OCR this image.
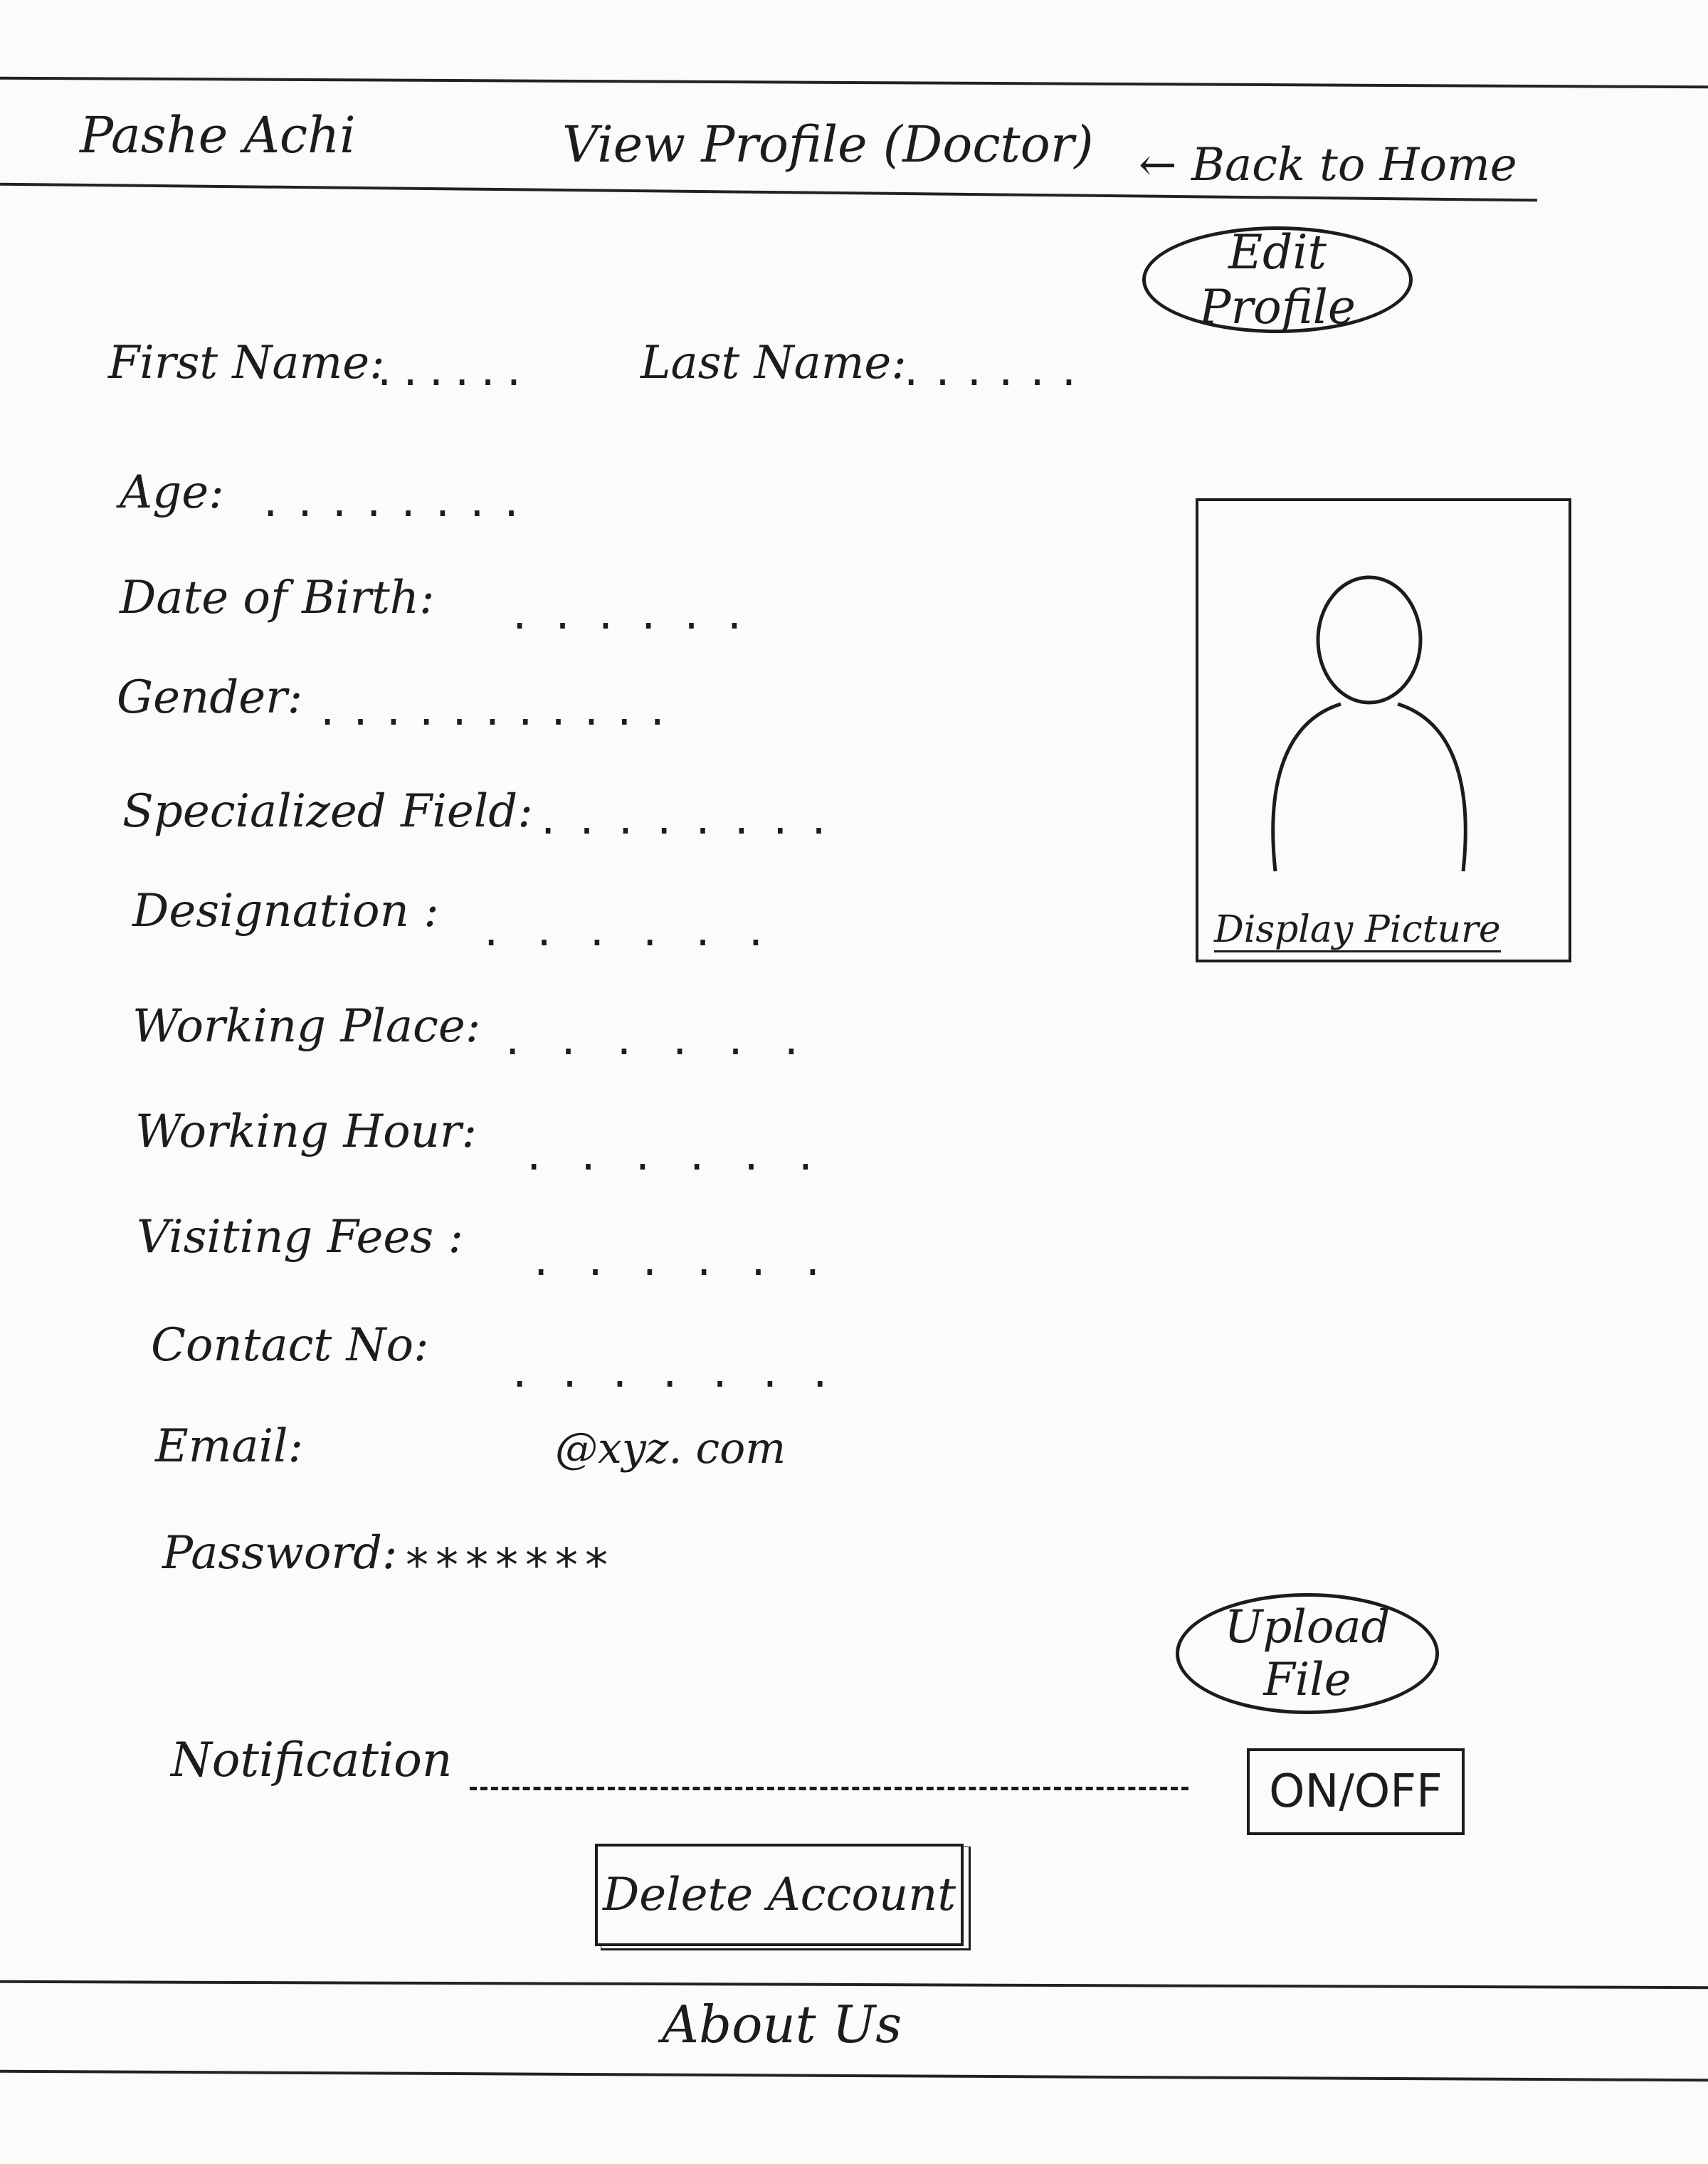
Pashe Achi	View Profile (Doctor) ← Back to Home
Edit Profile
First Name:
...... Last Name:
......
Age: ........
Date of Birth: ......
Gender: ...........
Specialized Field: ........
Designation : ......
Working Place: ......
Working Hour: ......
Visiting Fees : ......
Contact No: .......
Email:	@xyz. com
Password: *******
Display Picture
Upload File
Notification
ON/OFF
Delete Account
About Us
